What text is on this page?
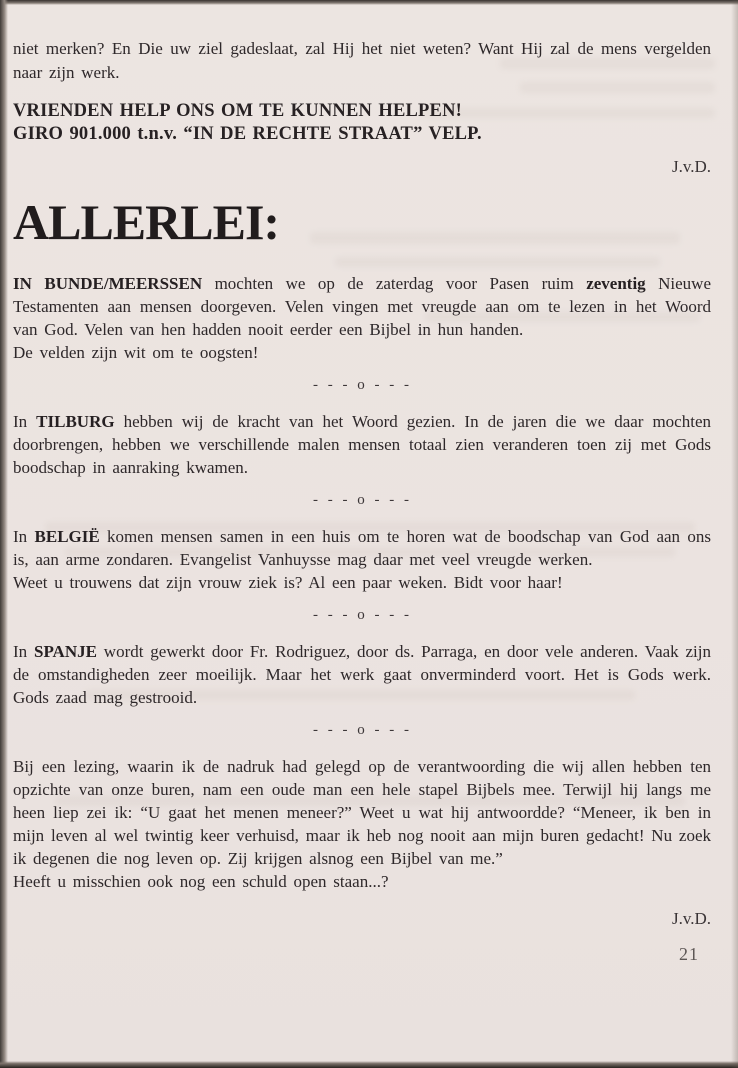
niet merken? En Die uw ziel gadeslaat, zal Hij het niet weten? Want Hij zal de mens vergelden naar zijn werk.

VRIENDEN HELP ONS OM TE KUNNEN HELPEN!
GIRO 901.000 t.n.v. “IN DE RECHTE STRAAT” VELP.
J.v.D.
ALLERLEI:

IN BUNDE/MEERSSEN mochten we op de zaterdag voor Pasen ruim zeventig Nieuwe Testamenten aan mensen doorgeven. Velen vingen met vreugde aan om te lezen in het Woord van God. Velen van hen hadden nooit eerder een Bijbel in hun handen.

De velden zijn wit om te oogsten!

- - - o - - -

In TILBURG hebben wij de kracht van het Woord gezien. In de jaren die we daar mochten doorbrengen, hebben we verschillende malen mensen totaal zien veranderen toen zij met Gods boodschap in aanraking kwamen.

- - - o - - -

In BELGIË komen mensen samen in een huis om te horen wat de boodschap van God aan ons is, aan arme zondaren. Evangelist Vanhuysse mag daar met veel vreugde werken.

Weet u trouwens dat zijn vrouw ziek is? Al een paar weken. Bidt voor haar!

- - - o - - -

In SPANJE wordt gewerkt door Fr. Rodriguez, door ds. Parraga, en door vele anderen. Vaak zijn de omstandigheden zeer moeilijk. Maar het werk gaat onverminderd voort. Het is Gods werk. Gods zaad mag gestrooid.

- - - o - - -

Bij een lezing, waarin ik de nadruk had gelegd op de verantwoording die wij allen hebben ten opzichte van onze buren, nam een oude man een hele stapel Bijbels mee. Terwijl hij langs me heen liep zei ik: “U gaat het menen meneer?” Weet u wat hij antwoordde? “Meneer, ik ben in mijn leven al wel twintig keer verhuisd, maar ik heb nog nooit aan mijn buren gedacht! Nu zoek ik degenen die nog leven op. Zij krijgen alsnog een Bijbel van me.”

Heeft u misschien ook nog een schuld open staan...?

J.v.D.
21
